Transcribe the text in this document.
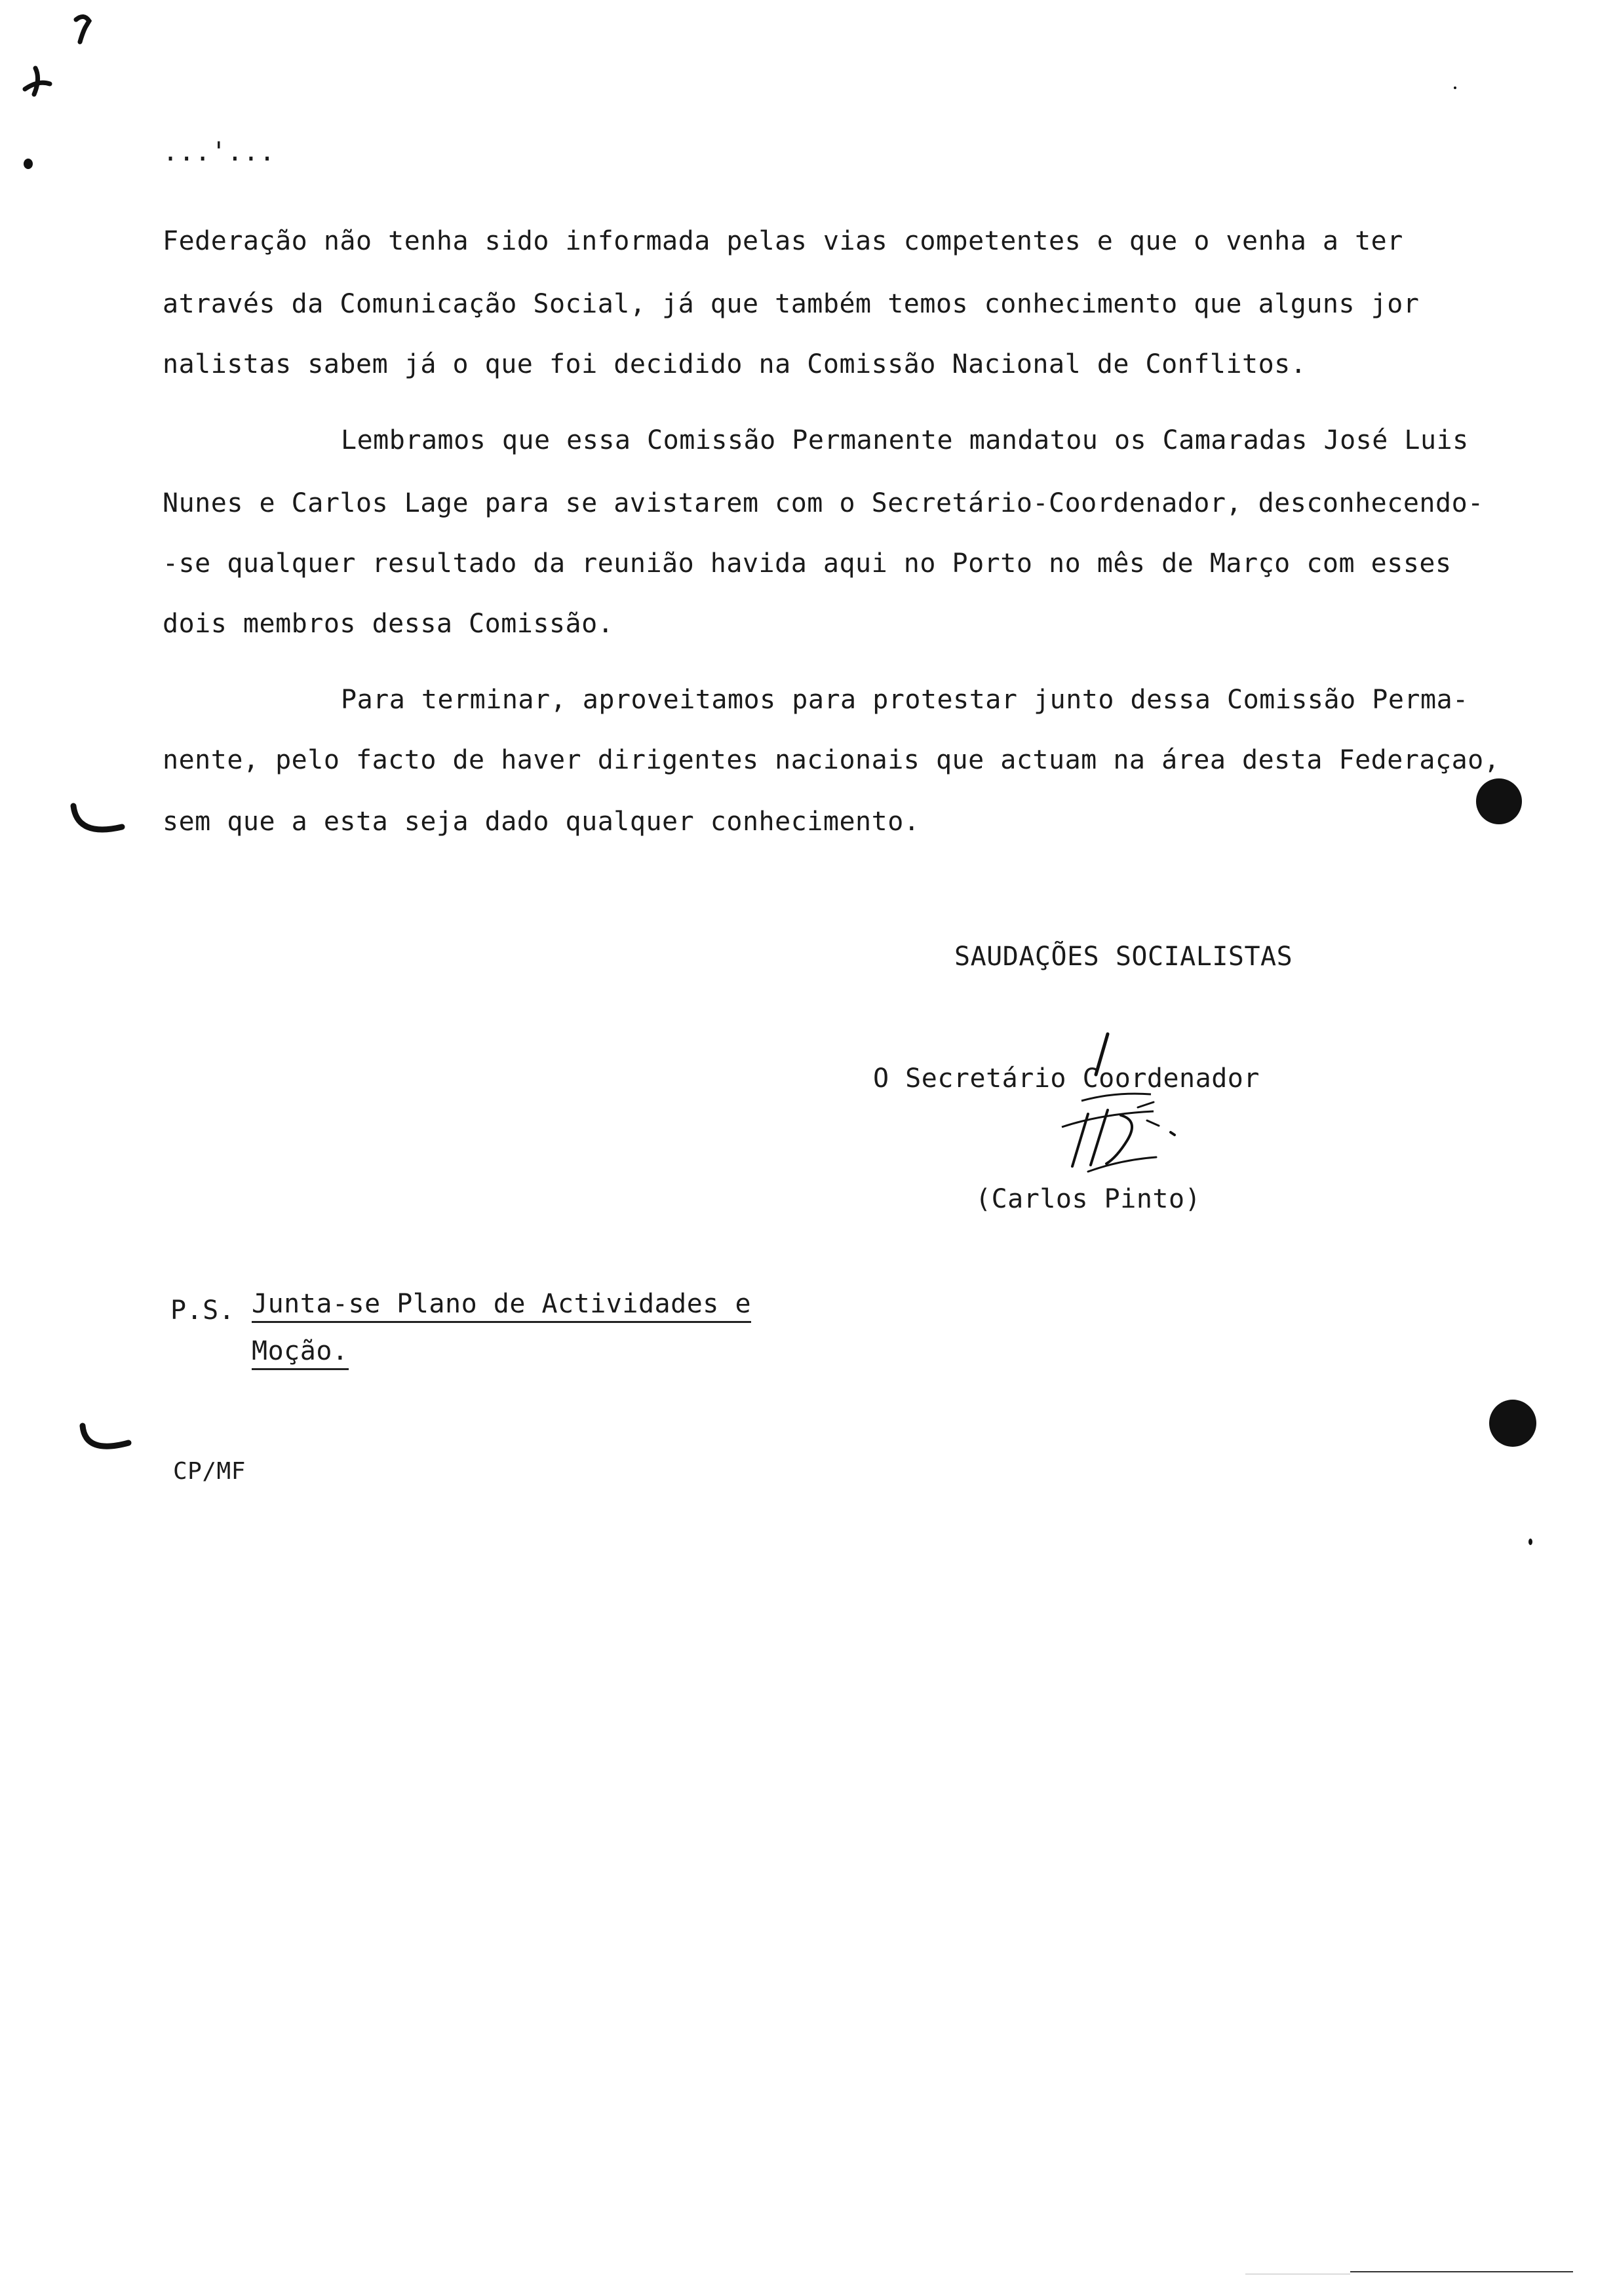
...'...
Federação não tenha sido informada pelas vias competentes e que o venha a ter
através da Comunicação Social, já que também temos conhecimento que alguns jor
nalistas sabem já o que foi decidido na Comissão Nacional de Conflitos.
Lembramos que essa Comissão Permanente mandatou os Camaradas José Luis
Nunes e Carlos Lage para se avistarem com o Secretário-Coordenador, desconhecendo-
-se qualquer resultado da reunião havida aqui no Porto no mês de Março com esses
dois membros dessa Comissão.
Para terminar, aproveitamos para protestar junto dessa Comissão Perma-
nente, pelo facto de haver dirigentes nacionais que actuam na área desta Federaçao,
sem que a esta seja dado qualquer conhecimento.
SAUDAÇÕES SOCIALISTAS
O Secretário Coordenador
(Carlos Pinto)
P.S. Junta-se Plano de Actividades e
Moção.
CP/MF
